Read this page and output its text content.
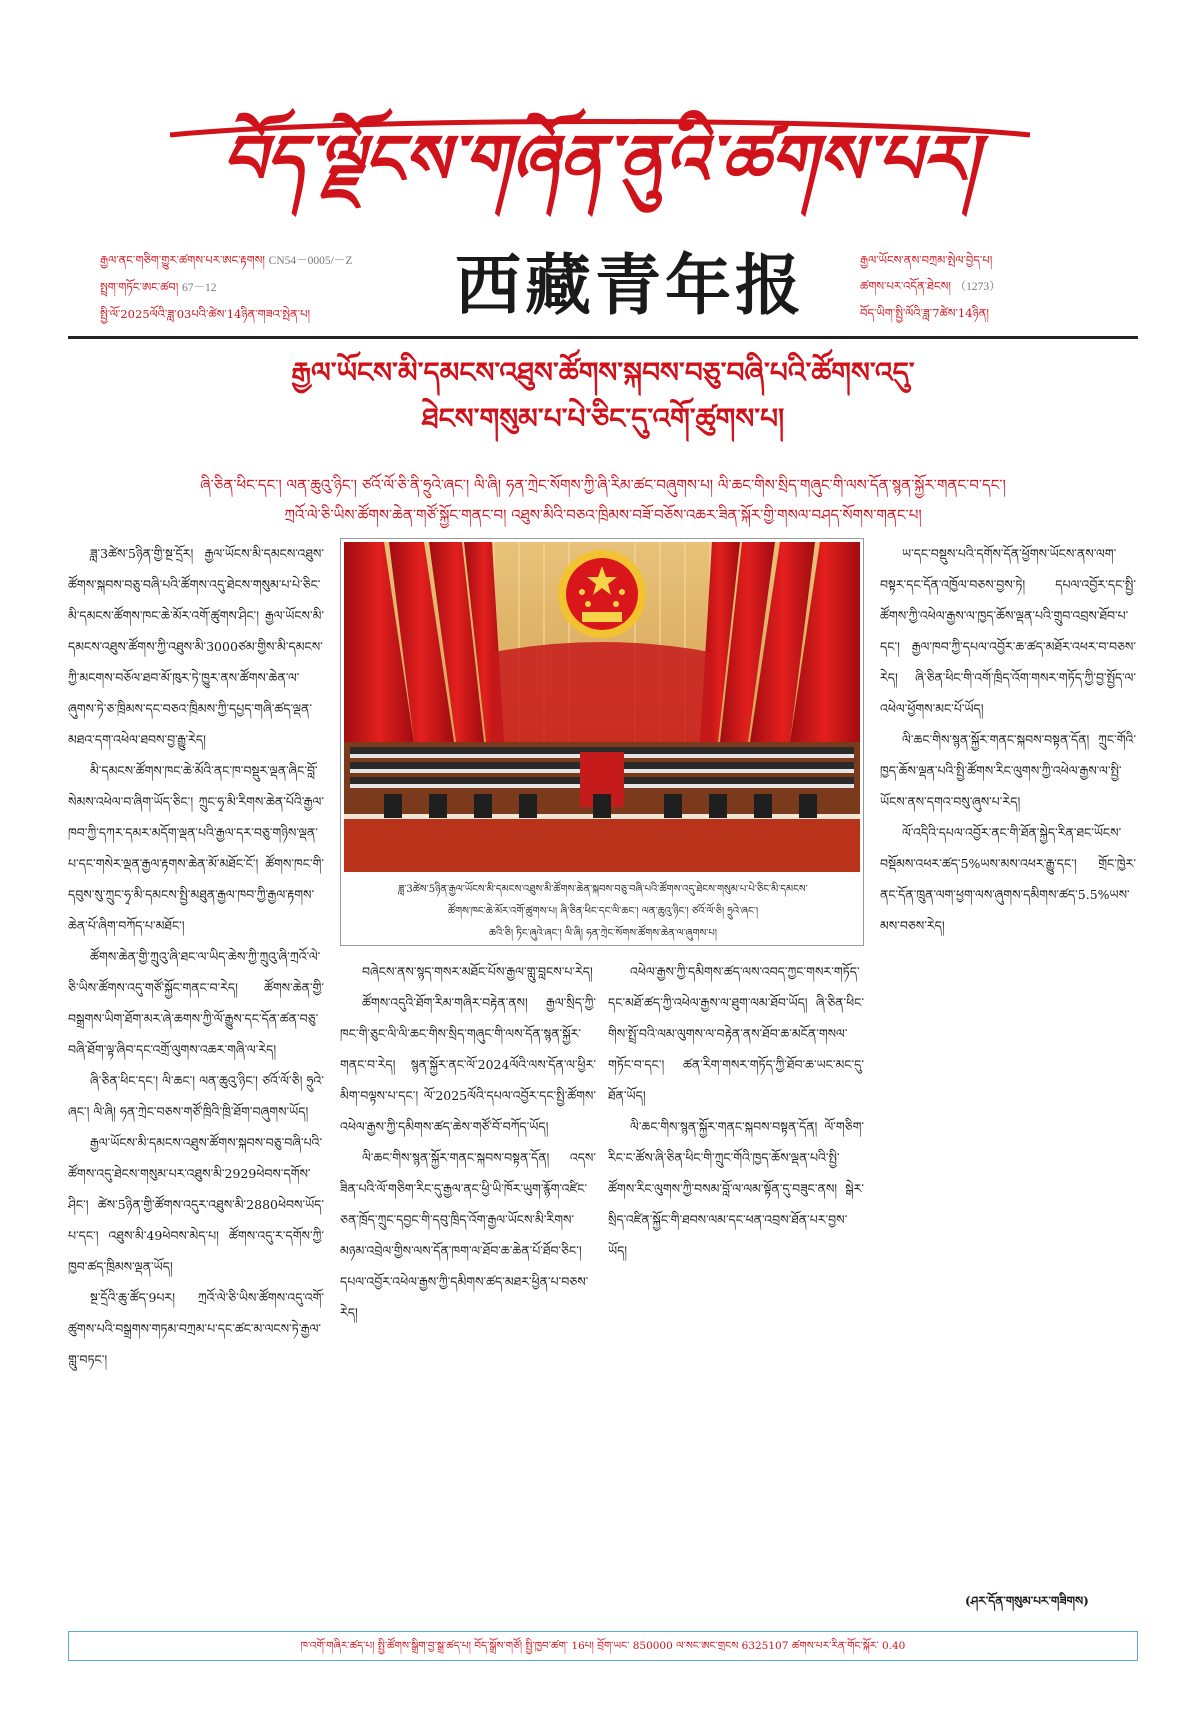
བོད་ལྗོངས་གཞོན་ནུའི་ཚགས་པར།
རྒྱལ་ནང་གཅིག་གྱུར་ཚགས་པར་ཨང་རྟགས། CN54－0005/－Z
སྤྲག་གཏོང་ཨང་ཚབ། 67－12
སྤྱི་ལོ་2025ལོའི་ཟླ་03པའི་ཚེས་14ཉིན་གཟའ་སྤེན་པ།	西藏青年报	རྒྱལ་ཡོངས་ནས་བཀྲམ་སྤེལ་བྱེད་པ།
ཚགས་པར་འདོན་ཐེངས། （1273）
བོད་ཡིག་སྤྱི་ལོའི་ཟླ་7ཚེས་14ཉིན།
རྒྱལ་ཡོངས་མི་དམངས་འཐུས་ཚོགས་སྐབས་བཅུ་བཞི་པའི་ཚོགས་འདུ་
ཐེངས་གསུམ་པ་པེ་ཅིང་དུ་འགོ་ཚུགས་པ།
ཞི་ཅིན་ཕིང་དང་། ལན་ཆུའུ་ཉིང་། ཙའོ་ལོ་ཅི་ནི་ཧྲུའེ་ཞང་། ལི་ཞི། ཧན་ཀྲེང་སོགས་ཀྱི་ཞི་རིམ་ཚང་བཞུགས་པ། ལི་ཆང་གིས་སྲིད་གཞུང་གི་ལས་དོན་སྙན་སྐྱོར་གནང་བ་དང་།
ཀྲའོ་ལེ་ཅི་ཡིས་ཚོགས་ཆེན་གཙོ་སྐྱོང་གནང་བ། འཐུས་མིའི་བཅའ་ཁྲིམས་བཟོ་བཅོས་འཆར་ཟིན་སྐོར་གྱི་གསལ་བཤད་སོགས་གནང་པ།

ཟླ་3ཚེས་5ཉིན་གྱི་སྔ་དྲོར། རྒྱལ་ཡོངས་མི་དམངས་འཐུས་ཚོགས་སྐབས་བཅུ་བཞི་པའི་ཚོགས་འདུ་ཐེངས་གསུམ་པ་པེ་ཅིང་མི་དམངས་ཚོགས་ཁང་ཆེ་མོར་འགོ་ཚུགས་ཤིང་། རྒྱལ་ཡོངས་མི་དམངས་འཐུས་ཚོགས་ཀྱི་འཐུས་མི་3000ཙམ་གྱིས་མི་དམངས་ཀྱི་མངགས་བཅོལ་ཐབ་མོ་ཁུར་ཏེ་ཁྱུར་ནས་ཚོགས་ཆེན་ལ་ཞུགས་ཏེ་ཅ་ཁྲིམས་དང་བཅའ་ཁྲིམས་ཀྱི་དཔྱད་གཞི་ཚད་ལྡན་མཐའ་དག་འཕེལ་ཐབས་བྱ་རྒྱུ་རེད།

མི་དམངས་ཚོགས་ཁང་ཆེ་མོའི་ནང་ཁ་བསྡུར་ལྡན་ཞིང་བློ་སེམས་འཕེལ་བ་ཞིག་ཡོད་ཅིང་། ཀྲུང་ཧྭ་མི་རིགས་ཆེན་པོའི་རྒྱལ་ཁབ་ཀྱི་དཀར་དམར་མདོག་ལྡན་པའི་རྒྱལ་དར་བཅུ་གཉིས་ལྡན་པ་དང་གསེར་ལྡན་རྒྱལ་རྟགས་ཆེན་མོ་མཐོང་ངོ་། ཚོགས་ཁང་གི་དབུས་སུ་ཀྲུང་ཧྭ་མི་དམངས་སྤྱི་མཐུན་རྒྱལ་ཁབ་ཀྱི་རྒྱལ་རྟགས་ཆེན་པོ་ཞིག་བཀོད་པ་མཐོང་།

ཚོགས་ཆེན་གྱི་ཀྲུའུ་ཞི་ཐང་ལ་ཡིད་ཆེས་ཀྱི་ཀྲུའུ་ཞི་ཀྲའོ་ལེ་ཅི་ཡིས་ཚོགས་འདུ་གཙོ་སྐྱོང་གནང་བ་རེད། ཚོགས་ཆེན་གྱི་བསྒྲགས་ཡིག་ཐོག་མར་ཞེ་ཆགས་ཀྱི་ལོ་རྒྱུས་དང་དོན་ཚན་བཅུ་བཞི་ཐོག་ལྟ་ཞིབ་དང་འགྲོ་ལུགས་འཆར་གཞི་ལ་རེད།

ཞི་ཅིན་ཕིང་དང་། ལི་ཆང་། ལན་ཆུའུ་ཉིང་། ཙའོ་ལོ་ཅི། ཧྲུའེ་ཞང་། ལི་ཞི། ཧན་ཀྲེང་བཅས་གཙོ་ཁྲིའི་ཁྲི་ཐོག་བཞུགས་ཡོད།

རྒྱལ་ཡོངས་མི་དམངས་འཐུས་ཚོགས་སྐབས་བཅུ་བཞི་པའི་ཚོགས་འདུ་ཐེངས་གསུམ་པར་འཐུས་མི་2929ཕེབས་དགོས་ཤིང་། ཚེས་5ཉིན་གྱི་ཚོགས་འདུར་འཐུས་མི་2880ཕེབས་ཡོད་པ་དང་། འཐུས་མི་49ཕེབས་མེད་པ། ཚོགས་འདུ་ར་དགོས་ཀྱི་ཁྱབ་ཚད་ཁྲིམས་ལྡན་ཡོད།

སྔ་དྲོའི་ཆུ་ཚོད་9པར། ཀྲའོ་ལེ་ཅི་ཡིས་ཚོགས་འདུ་འགོ་ཚུགས་པའི་བསྒྲགས་གཏམ་བཀྲམ་པ་དང་ཚང་མ་ལངས་ཏེ་རྒྱལ་གླུ་བཏང་།

ཟླ་3ཚེས་5ཉིན་རྒྱལ་ཡོངས་མི་དམངས་འཐུས་མི་ཚོགས་ཆེན་སྐབས་བཅུ་བཞི་པའི་ཚོགས་འདུ་ཐེངས་གསུམ་པ་པེ་ཅིང་མི་དམངས་
ཚོགས་ཁང་ཆེ་མོར་འགོ་ཚུགས་པ། ཞི་ཅིན་ཕིང་དང་ལི་ཆང་། ལན་ཆུའུ་ཉིང་། ཙའོ་ལོ་ཅི། ཧྲུའེ་ཞང་།
ཆའི་ཅི། ཏིང་ཞུའེ་ཞང་། ལི་ཞི། ཧན་ཀྲེང་སོགས་ཚོགས་ཆེན་ལ་ཞུགས་པ།

བཞེངས་ནས་སྙད་གསར་མཐོང་པོས་རྒྱལ་གླུ་བླངས་པ་རེད།

ཚོགས་འདུའི་ཐོག་རིམ་གཞིར་བརྟེན་ནས། རྒྱལ་སྲིད་ཀྱི་ཁང་གི་ཅུང་ལི་ལི་ཆང་གིས་སྲིད་གཞུང་གི་ལས་དོན་སྙན་སྐྱོར་གནང་བ་རེད། སྙན་སྐྱོར་ནང་ལོ་2024ལོའི་ལས་དོན་ལ་ཕྱིར་མིག་བལྟས་པ་དང་། ལོ་2025ལོའི་དཔལ་འབྱོར་དང་སྤྱི་ཚོགས་འཕེལ་རྒྱས་ཀྱི་དམིགས་ཚད་ཆེས་གཙོ་བོ་བཀོད་ཡོད།

ལི་ཆང་གིས་སྙན་སྐྱོར་གནང་སྐབས་བསྟན་དོན། འདས་ཟིན་པའི་ལོ་གཅིག་རིང་དུ་རྒྱལ་ནང་ཕྱི་ཡི་ཁོར་ཡུག་རྙོག་འཛིང་ཅན་ཁྲོད་ཀྲུང་དབྱང་གི་དབུ་ཁྲིད་འོག་རྒྱལ་ཡོངས་མི་རིགས་མཉམ་འབྲེལ་གྱིས་ལས་དོན་ཁག་ལ་ཐོབ་ཆ་ཆེན་པོ་ཐོབ་ཅིང་། དཔལ་འབྱོར་འཕེལ་རྒྱས་ཀྱི་དམིགས་ཚད་མཐར་ཕྱིན་པ་བཅས་རེད།

འཕེལ་རྒྱས་ཀྱི་དམིགས་ཚད་ལས་འབད་ཀྱང་གསར་གཏོད་དང་མཐོ་ཚད་ཀྱི་འཕེལ་རྒྱས་ལ་ཐུག་ལམ་ཐོབ་ཡོད། ཞི་ཅིན་ཕིང་གིས་སྤྲོ་བའི་ལམ་ལུགས་ལ་བརྟེན་ནས་ཐོབ་ཆ་མངོན་གསལ་གཏོང་བ་དང་། ཚན་རིག་གསར་གཏོད་ཀྱི་ཐོབ་ཆ་ཡང་མང་དུ་ཐོན་ཡོད།

ལི་ཆང་གིས་སྙན་སྐྱོར་གནང་སྐབས་བསྟན་དོན། ལོ་གཅིག་རིང་ང་ཚོས་ཞི་ཅིན་ཕིང་གི་ཀྲུང་གོའི་ཁྱད་ཆོས་ལྡན་པའི་སྤྱི་ཚོགས་རིང་ལུགས་ཀྱི་བསམ་བློ་ལ་ལམ་སྟོན་དུ་བཟུང་ནས། སྒེར་སྲིད་འཛིན་སྐྱོང་གི་ཐབས་ལམ་དང་ཕན་འབྲས་ཐོན་པར་བྱས་ཡོད།

ཡ་དང་བསྡུས་པའི་དགོས་དོན་ཕྱོགས་ཡོངས་ནས་ལག་བསྟར་དང་དོན་འཁྱོལ་བཅས་བྱས་ཏེ། དཔལ་འབྱོར་དང་སྤྱི་ཚོགས་ཀྱི་འཕེལ་རྒྱས་ལ་ཁྱད་ཆོས་ལྡན་པའི་གྲུབ་འབྲས་ཐོབ་པ་དང་། རྒྱལ་ཁབ་ཀྱི་དཔལ་འབྱོར་ཆ་ཚད་མཐོར་འཕར་བ་བཅས་རེད། ཞི་ཅིན་ཕིང་གི་འགོ་ཁྲིད་འོག་གསར་གཏོད་ཀྱི་བྱ་སྤྱོད་ལ་འཕེལ་ཕྱོགས་མང་པོ་ཡོད།

ལི་ཆང་གིས་སྙན་སྐྱོར་གནང་སྐབས་བསྟན་དོན། ཀྲུང་གོའི་ཁྱད་ཆོས་ལྡན་པའི་སྤྱི་ཚོགས་རིང་ལུགས་ཀྱི་འཕེལ་རྒྱས་ལ་སྤྱི་ཡོངས་ནས་དགའ་བསུ་ཞུས་པ་རེད།

ལོ་འདིའི་དཔལ་འབྱོར་ནང་གི་ཐོན་སྐྱེད་རིན་ཐང་ཡོངས་བསྡོམས་འཕར་ཚད་5%ཡས་མས་འཕར་རྒྱུ་དང་། གྲོང་ཁྱེར་ནང་དོན་ཁྲུན་ལག་ཕྱག་ལས་ཞུགས་དམིགས་ཚད་5.5%ཡས་མས་བཅས་རེད།

(ཤར་དོན་གསུམ་པར་གཟིགས)
ཁ་འགོ་གཞིར་ཚད་པ། སྤྱི་ཚོགས་སྒྲིག་བྱ་སྒྲ་ཚད་པ། བོད་སྒྲོས་གཙོ། སྤྱི་ཁྱབ་ཚག་ 16པ། བྲོག་ཡང་ 850000 ལ་སང་ཨང་གྲངས 6325107 ཚགས་པར་རིན་གོང་སྐོར་ 0.40
